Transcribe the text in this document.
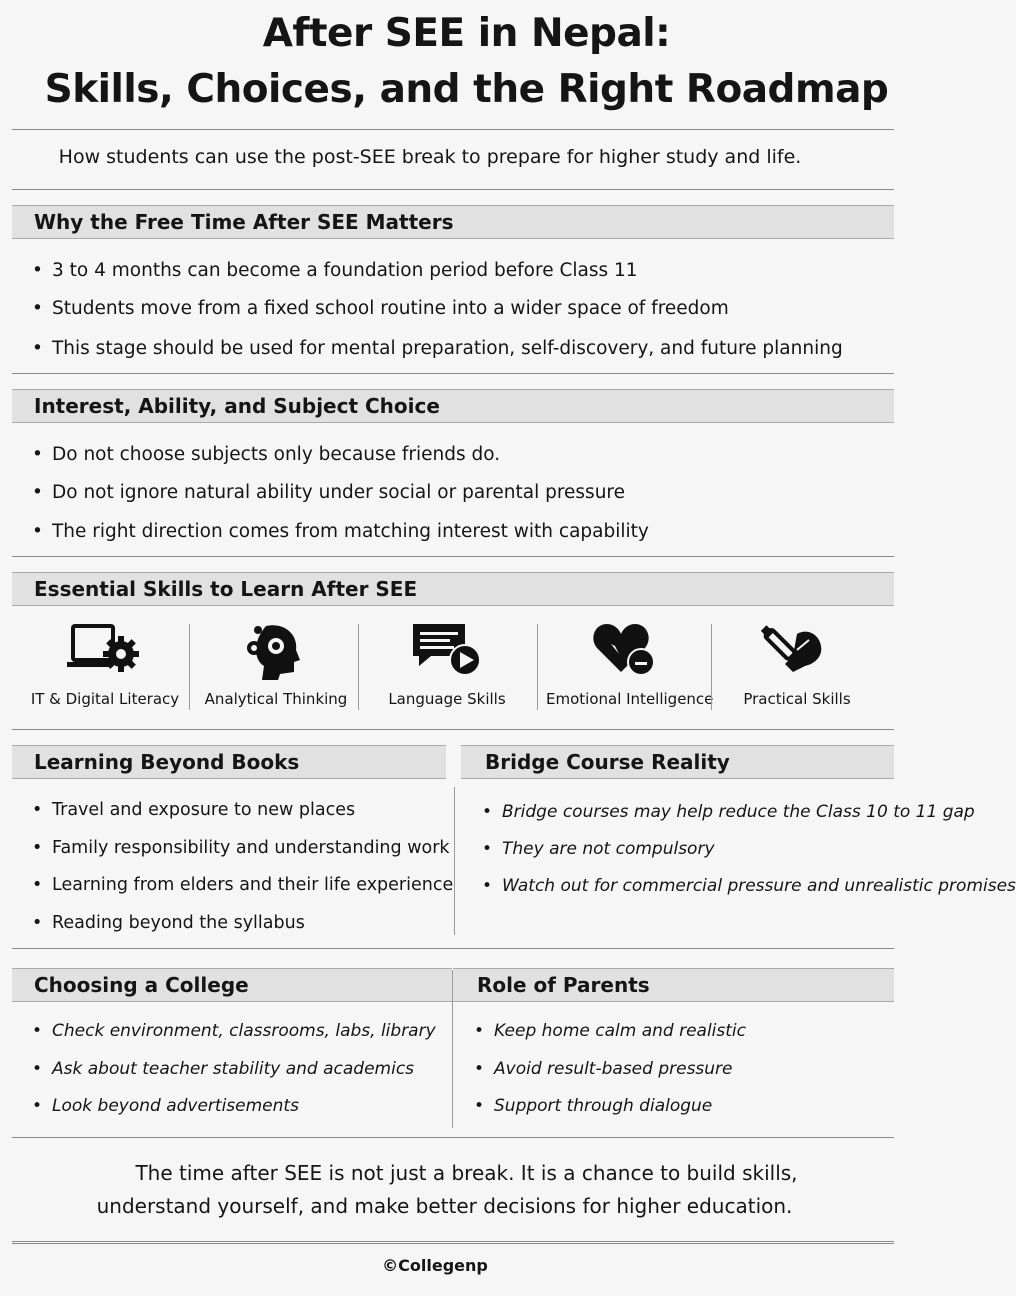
After SEE in Nepal:
Skills, Choices, and the Right Roadmap
How students can use the post-SEE break to prepare for higher study and life.
Why the Free Time After SEE Matters
• 3 to 4 months can become a foundation period before Class 11
• Students move from a fixed school routine into a wider space of freedom
• This stage should be used for mental preparation, self-discovery, and future planning
Interest, Ability, and Subject Choice
• Do not choose subjects only because friends do.
• Do not ignore natural ability under social or parental pressure
• The right direction comes from matching interest with capability
Essential Skills to Learn After SEE
IT & Digital Literacy	Analytical Thinking	Language Skills	Emotional Intelligence	Practical Skills
Learning Beyond Books	Bridge Course Reality
• Travel and exposure to new places
• Family responsibility and understanding work
• Learning from elders and their life experience
• Reading beyond the syllabus
• Bridge courses may help reduce the Class 10 to 11 gap
• They are not compulsory
• Watch out for commercial pressure and unrealistic promises
Choosing a College	Role of Parents
• Check environment, classrooms, labs, library
• Ask about teacher stability and academics
• Look beyond advertisements
• Keep home calm and realistic
• Avoid result-based pressure
• Support through dialogue
The time after SEE is not just a break. It is a chance to build skills,
understand yourself, and make better decisions for higher education.
©Collegenp
